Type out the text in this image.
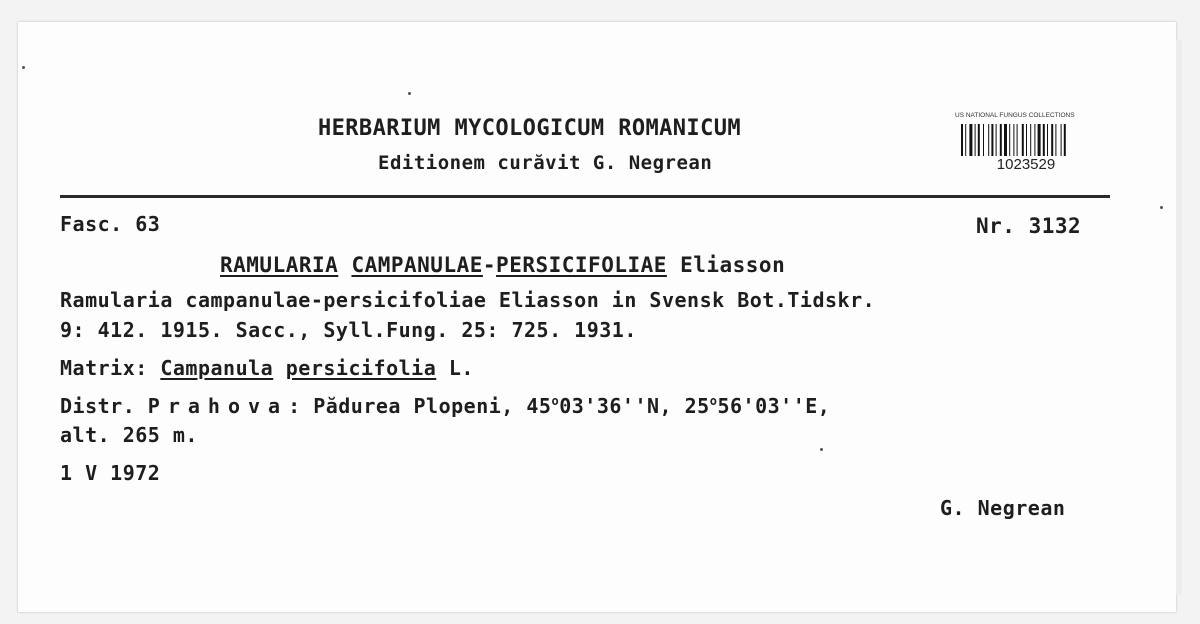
HERBARIUM MYCOLOGICUM ROMANICUM
Editionem curăvit G. Negrean
US NATIONAL FUNGUS COLLECTIONS
1023529
Fasc. 63	Nr. 3132
RAMULARIA CAMPANULAE-PERSICIFOLIAE Eliasson
Ramularia campanulae-persicifoliae Eliasson in Svensk Bot.Tidskr.
9: 412. 1915. Sacc., Syll.Fung. 25: 725. 1931.
Matrix: Campanula persicifolia L.
Distr. Prahova: Pădurea Plopeni, 45$^o$03'36''N, 25$^o$56'03''E,
alt. 265 m.
1 V 1972
G. Negrean
